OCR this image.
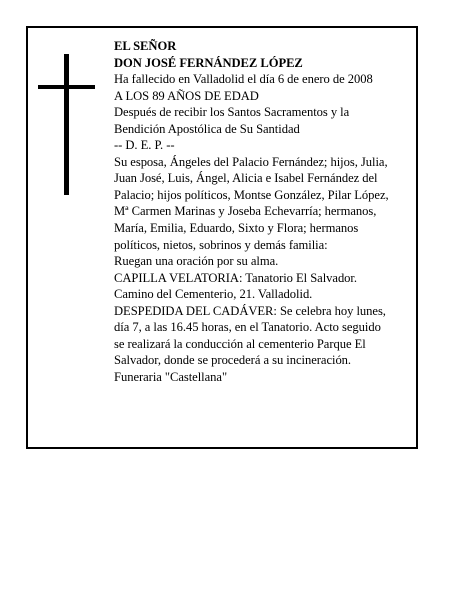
EL SEÑOR
DON JOSÉ FERNÁNDEZ LÓPEZ
Ha fallecido en Valladolid el día 6 de enero de 2008
A LOS 89 AÑOS DE EDAD
Después de recibir los Santos Sacramentos y la
Bendición Apostólica de Su Santidad
-- D. E. P. --
Su esposa, Ángeles del Palacio Fernández; hijos, Julia,
Juan José, Luis, Ángel, Alicia e Isabel Fernández del
Palacio; hijos políticos, Montse González, Pilar López,
Mª Carmen Marinas y Joseba Echevarría; hermanos,
María, Emilia, Eduardo, Sixto y Flora; hermanos
políticos, nietos, sobrinos y demás familia:
Ruegan una oración por su alma.
CAPILLA VELATORIA: Tanatorio El Salvador.
Camino del Cementerio, 21. Valladolid.
DESPEDIDA DEL CADÁVER: Se celebra hoy lunes,
día 7, a las 16.45 horas, en el Tanatorio. Acto seguido
se realizará la conducción al cementerio Parque El
Salvador, donde se procederá a su incineración.
Funeraria "Castellana"
